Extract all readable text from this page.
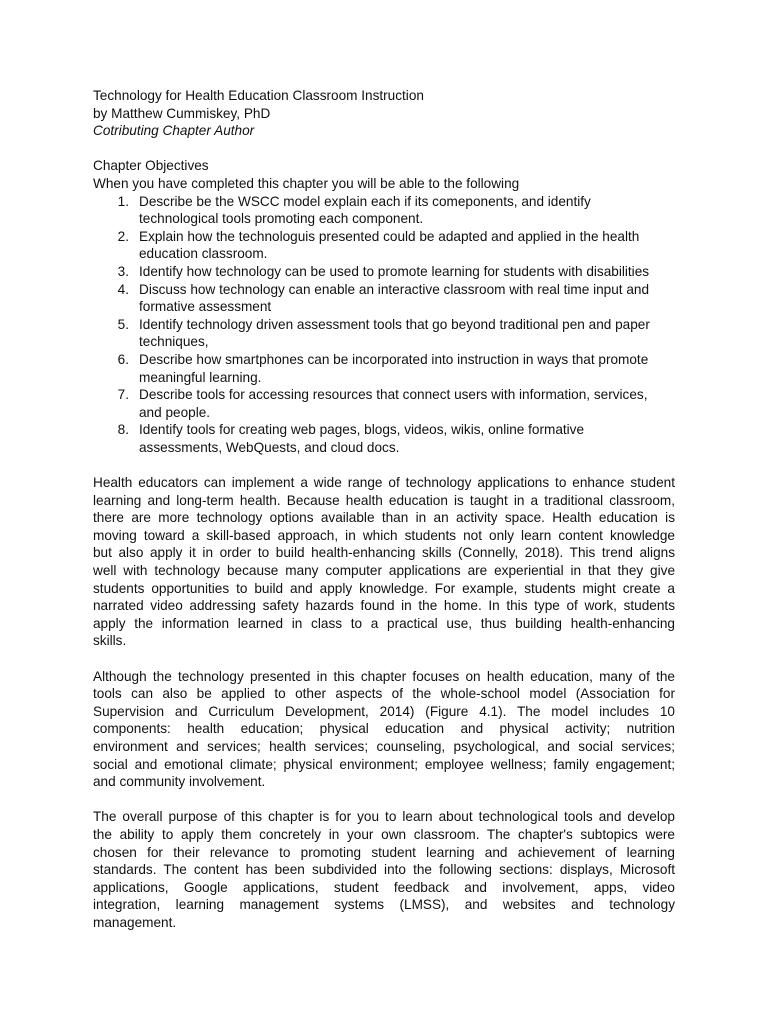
Technology for Health Education Classroom Instruction
by Matthew Cummiskey, PhD
Cotributing Chapter Author
Chapter Objectives
When you have completed this chapter you will be able to the following
1. Describe be the WSCC model explain each if its comeponents, and identify
technological tools promoting each component.
2. Explain how the technologuis presented could be adapted and applied in the health
education classroom.
3. Identify how technology can be used to promote learning for students with disabilities
4. Discuss how technology can enable an interactive classroom with real time input and
formative assessment
5. Identify technology driven assessment tools that go beyond traditional pen and paper
techniques,
6. Describe how smartphones can be incorporated into instruction in ways that promote
meaningful learning.
7. Describe tools for accessing resources that connect users with information, services,
and people.
8. Identify tools for creating web pages, blogs, videos, wikis, online formative
assessments, WebQuests, and cloud docs.

Health educators can implement a wide range of technology applications to enhance student
learning and long-term health. Because health education is taught in a traditional classroom,
there are more technology options available than in an activity space. Health education is
moving toward a skill-based approach, in which students not only learn content knowledge
but also apply it in order to build health-enhancing skills (Connelly, 2018). This trend aligns
well with technology because many computer applications are experiential in that they give
students opportunities to build and apply knowledge. For example, students might create a
narrated video addressing safety hazards found in the home. In this type of work, students
apply the information learned in class to a practical use, thus building health-enhancing
skills.

Although the technology presented in this chapter focuses on health education, many of the
tools can also be applied to other aspects of the whole-school model (Association for
Supervision and Curriculum Development, 2014) (Figure 4.1). The model includes 10
components: health education; physical education and physical activity; nutrition
environment and services; health services; counseling, psychological, and social services;
social and emotional climate; physical environment; employee wellness; family engagement;
and community involvement.

The overall purpose of this chapter is for you to learn about technological tools and develop
the ability to apply them concretely in your own classroom. The chapter's subtopics were
chosen for their relevance to promoting student learning and achievement of learning
standards. The content has been subdivided into the following sections: displays, Microsoft
applications, Google applications, student feedback and involvement, apps, video
integration, learning management systems (LMSS), and websites and technology
management.
